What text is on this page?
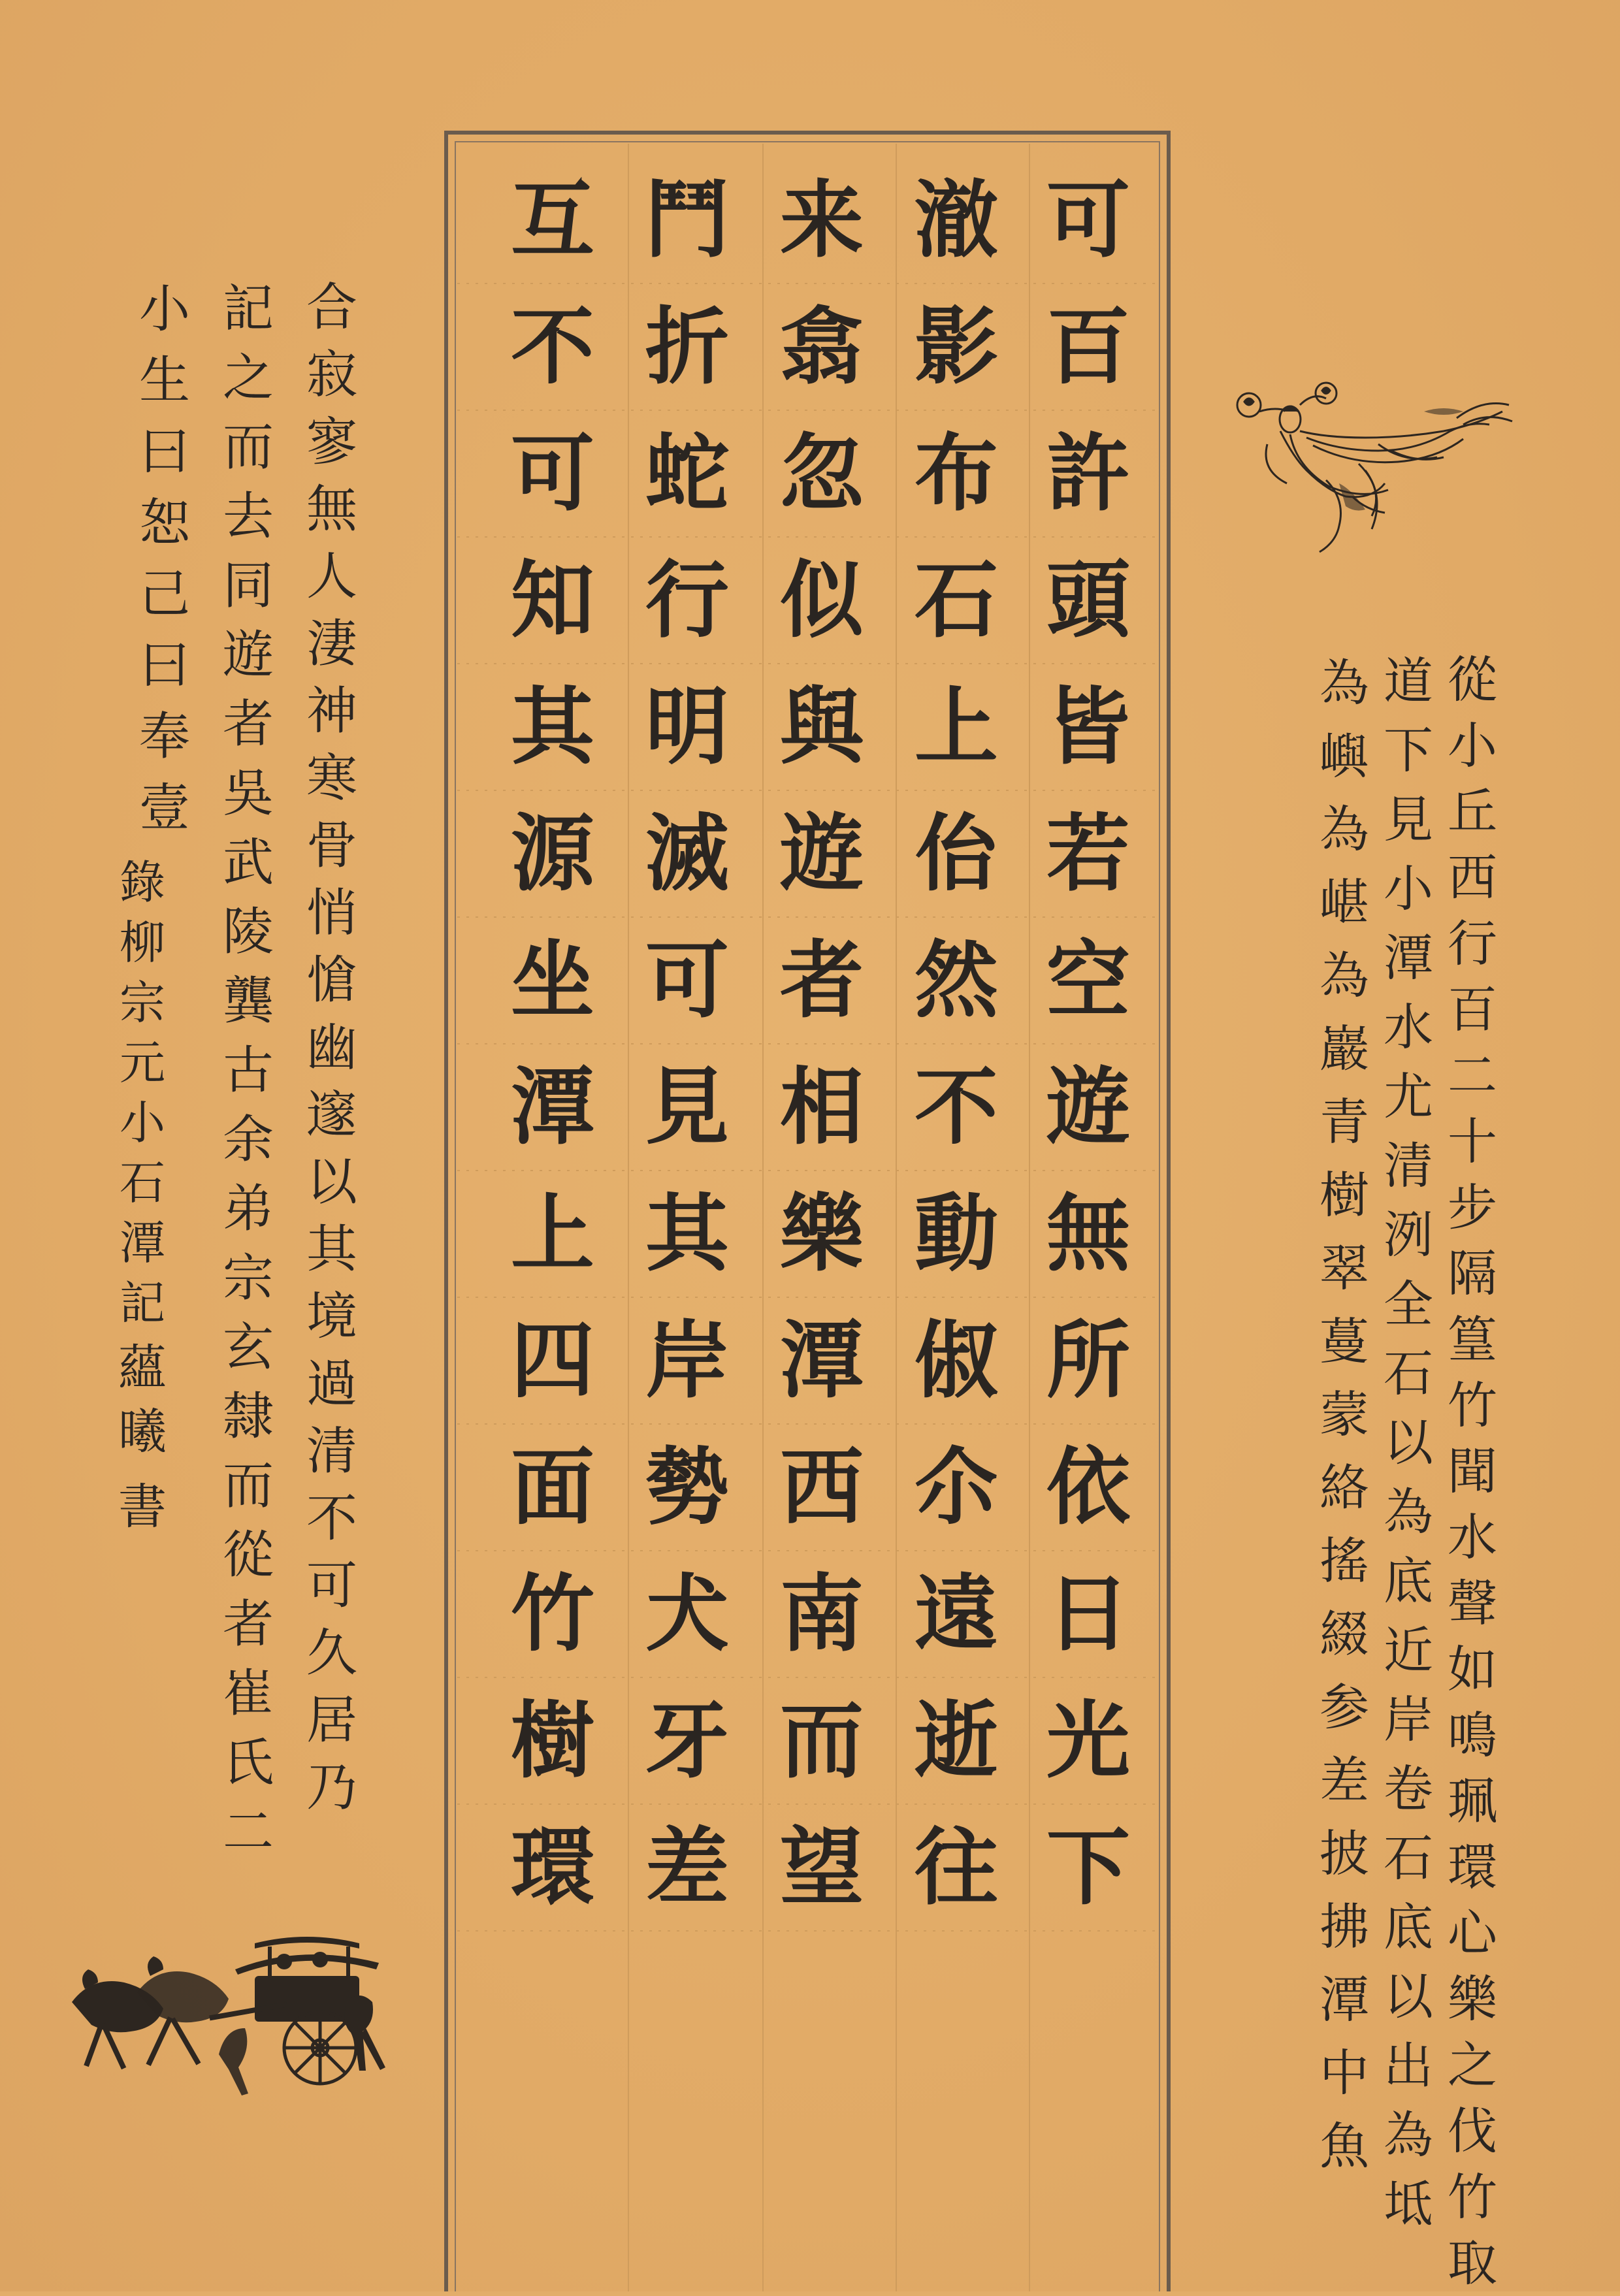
可
百
許
頭
皆
若
空
遊
無
所
依
日
光
下
澈
影
布
石
上
佁
然
不
動
俶
尒
遠
逝
往
来
翕
忽
似
與
遊
者
相
樂
潭
西
南
而
望
鬥
折
蛇
行
明
滅
可
見
其
岸
勢
犬
牙
差
互
不
可
知
其
源
坐
潭
上
四
面
竹
樹
環
從
小
丘
西
行
百
二
十
步
隔
篁
竹
聞
水
聲
如
鳴
珮
環
心
樂
之
伐
竹
取
道
下
見
小
潭
水
尤
清
洌
全
石
以
為
底
近
岸
卷
石
底
以
出
為
坻
為
嶼
為
嵁
為
巖
青
樹
翠
蔓
蒙
絡
搖
綴
参
差
披
拂
潭
中
魚
合
寂
寥
無
人
淒
神
寒
骨
悄
愴
幽
邃
以
其
境
過
清
不
可
久
居
乃
記
之
而
去
同
遊
者
吳
武
陵
龔
古
余
弟
宗
玄
隸
而
從
者
崔
氏
二
小
生
曰
恕
己
曰
奉
壹
錄
柳
宗
元
小
石
潭
記
蘊
曦
書
